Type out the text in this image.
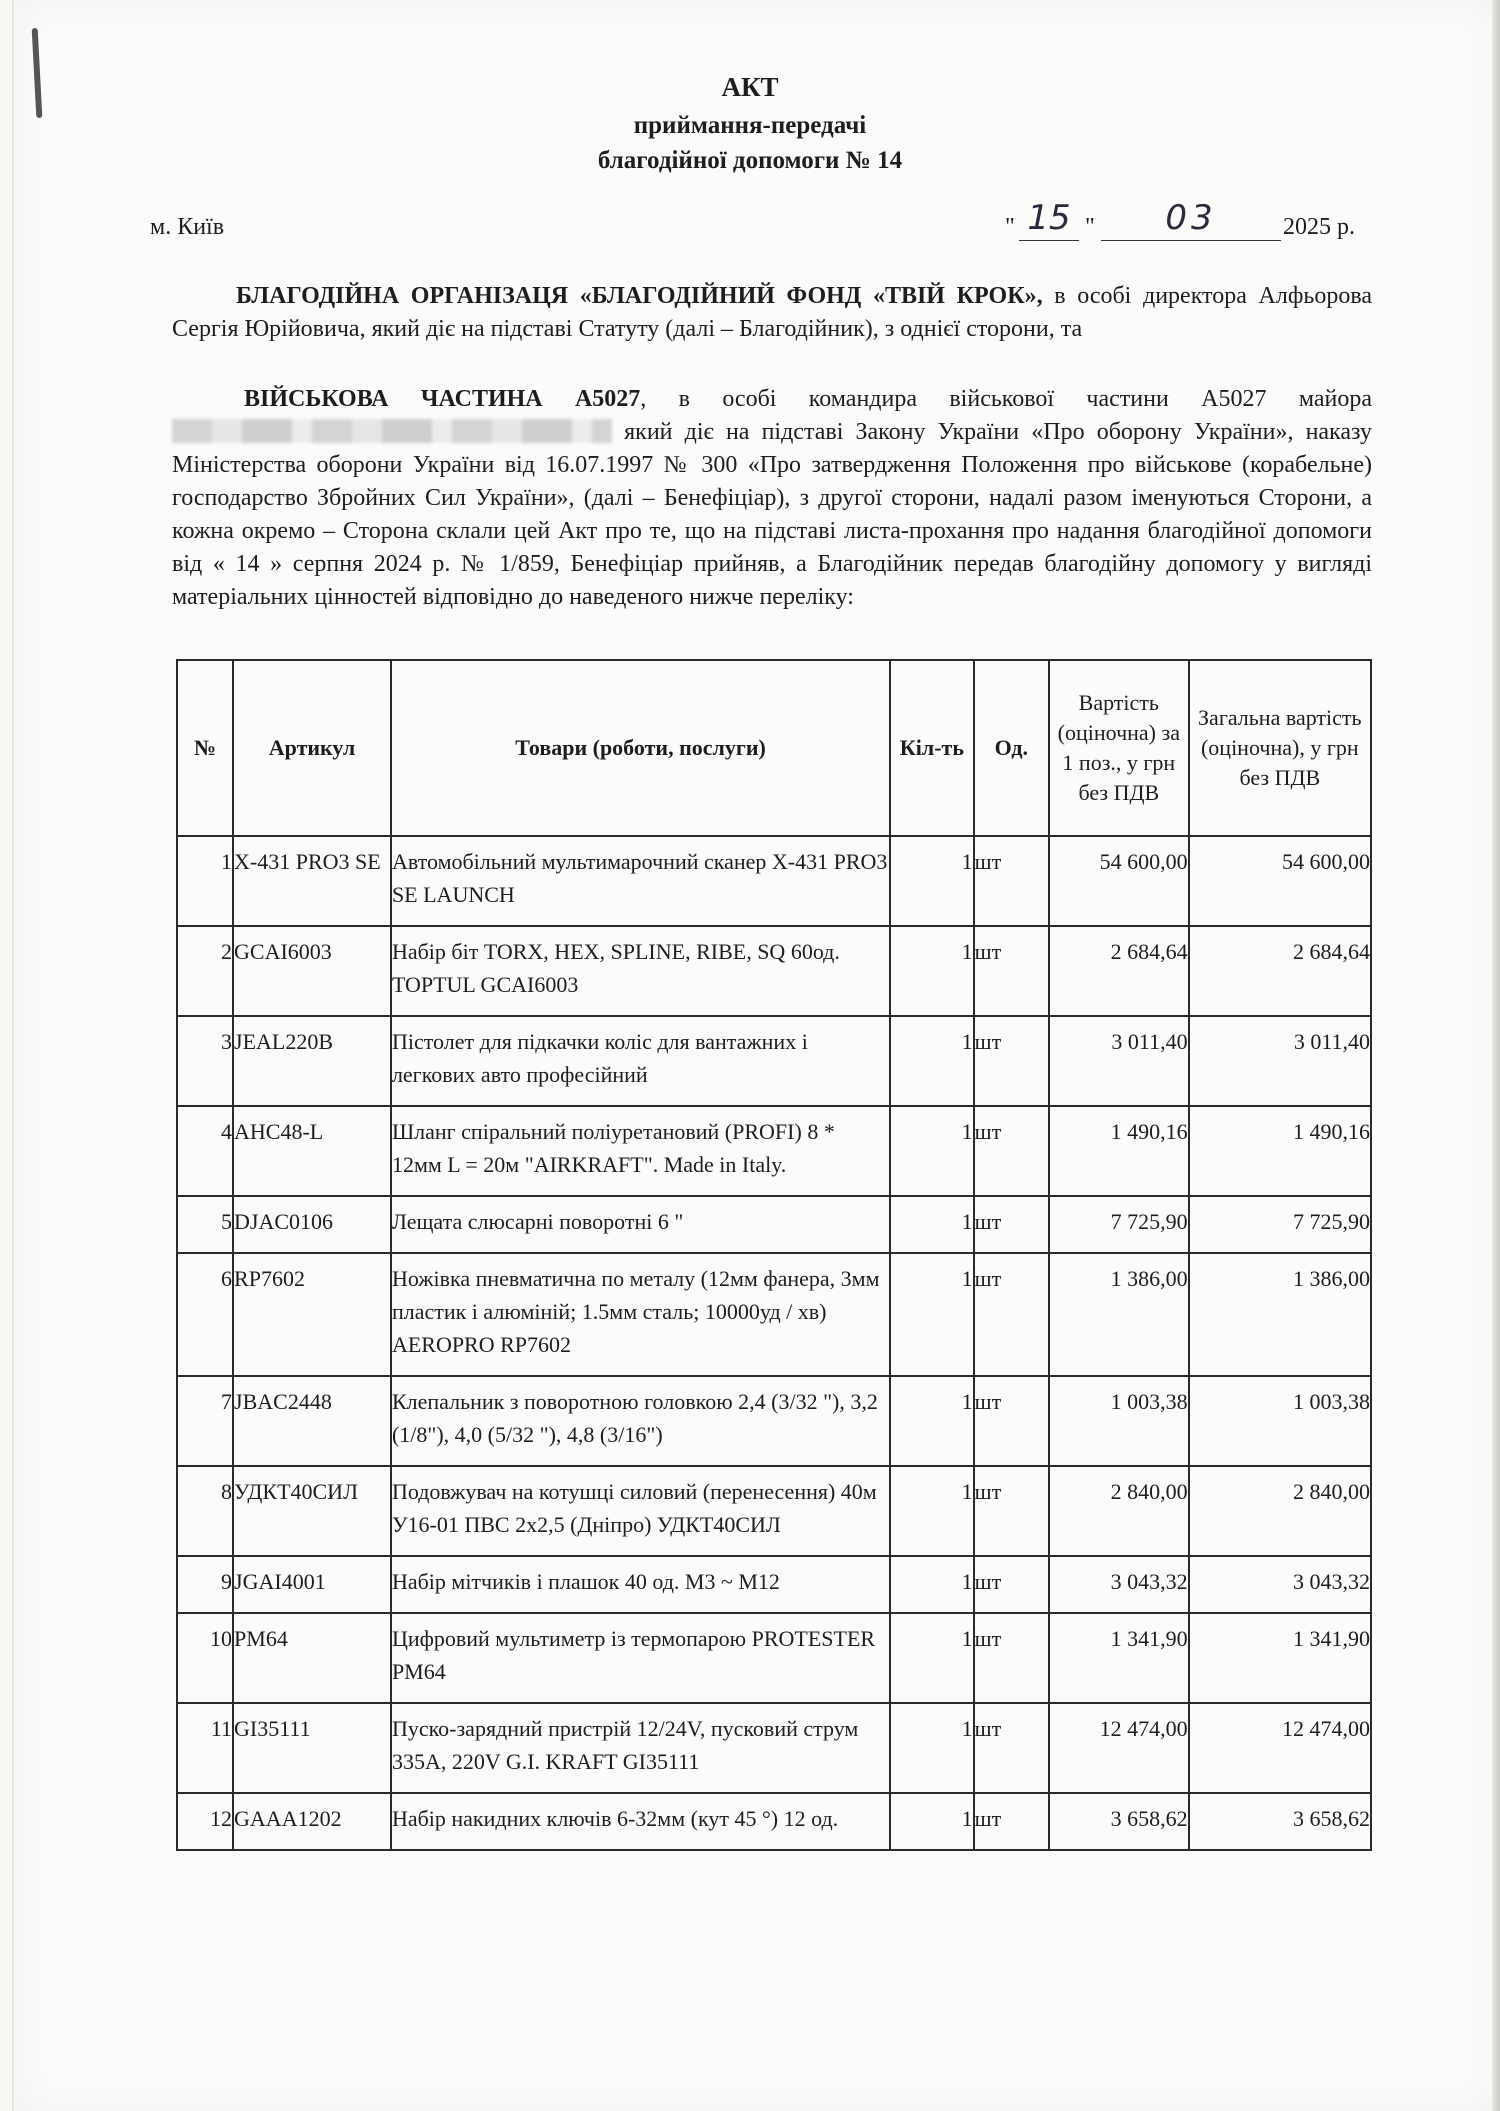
АКТ
приймання-передачі
благодійної допомоги № 14
м. Київ	" 15 "	03	2025 р.
БЛАГОДІЙНА ОРГАНІЗАЦЯ «БЛАГОДІЙНИЙ ФОНД «ТВІЙ КРОК», в особі директора Алфьорова Сергія Юрійовича, який діє на підставі Статуту (далі – Благодійник), з однієї сторони, та
ВІЙСЬКОВА ЧАСТИНА А5027, в особі командира військової частини А5027 майора  який діє на підставі Закону України «Про оборону України», наказу Міністерства оборони України від 16.07.1997 № 300 «Про затвердження Положення про військове (корабельне) господарство Збройних Сил України», (далі – Бенефіціар), з другої сторони, надалі разом іменуються Сторони, а кожна окремо – Сторона склали цей Акт про те, що на підставі листа-прохання про надання благодійної допомоги від « 14 » серпня 2024 р. № 1/859, Бенефіціар прийняв, а Благодійник передав благодійну допомогу у вигляді матеріальних цінностей відповідно до наведеного нижче переліку:
№	Артикул	Товари (роботи, послуги)	Кіл-ть	Од.	Вартість (оціночна) за 1 поз., у грн без ПДВ	Загальна вартість (оціночна), у грн без ПДВ
1	X-431 PRO3 SE	Автомобільний мультимарочний сканер X-431 PRO3 SE LAUNCH	1	шт	54 600,00	54 600,00
2	GCAI6003	Набір біт TORX, HEX, SPLINE, RIBE, SQ 60од. TOPTUL GCAI6003	1	шт	2 684,64	2 684,64
3	JEAL220B	Пістолет для підкачки коліс для вантажних і легкових авто професійний	1	шт	3 011,40	3 011,40
4	AHC48-L	Шланг спіральний поліуретановий (PROFI) 8 * 12мм L = 20м "AIRKRAFT". Made in Italy.	1	шт	1 490,16	1 490,16
5	DJAC0106	Лещата слюсарні поворотні 6 "	1	шт	7 725,90	7 725,90
6	RP7602	Ножівка пневматична по металу (12мм фанера, 3мм пластик і алюміній; 1.5мм сталь; 10000уд / хв) AEROPRO RP7602	1	шт	1 386,00	1 386,00
7	JBAC2448	Клепальник з поворотною головкою 2,4 (3/32 "), 3,2 (1/8"), 4,0 (5/32 "), 4,8 (3/16")	1	шт	1 003,38	1 003,38
8	УДКТ40СИЛ	Подовжувач на котушці силовий (перенесення) 40м У16-01 ПВС 2х2,5 (Дніпро) УДКТ40СИЛ	1	шт	2 840,00	2 840,00
9	JGAI4001	Набір мітчиків і плашок 40 од. M3 ~ M12	1	шт	3 043,32	3 043,32
10	PM64	Цифровий мультиметр із термопарою PROTESTER PM64	1	шт	1 341,90	1 341,90
11	GI35111	Пуско-зарядний пристрій 12/24V, пусковий струм 335А, 220V G.I. KRAFT GI35111	1	шт	12 474,00	12 474,00
12	GAAA1202	Набір накидних ключів 6-32мм (кут 45 °) 12 од.	1	шт	3 658,62	3 658,62
